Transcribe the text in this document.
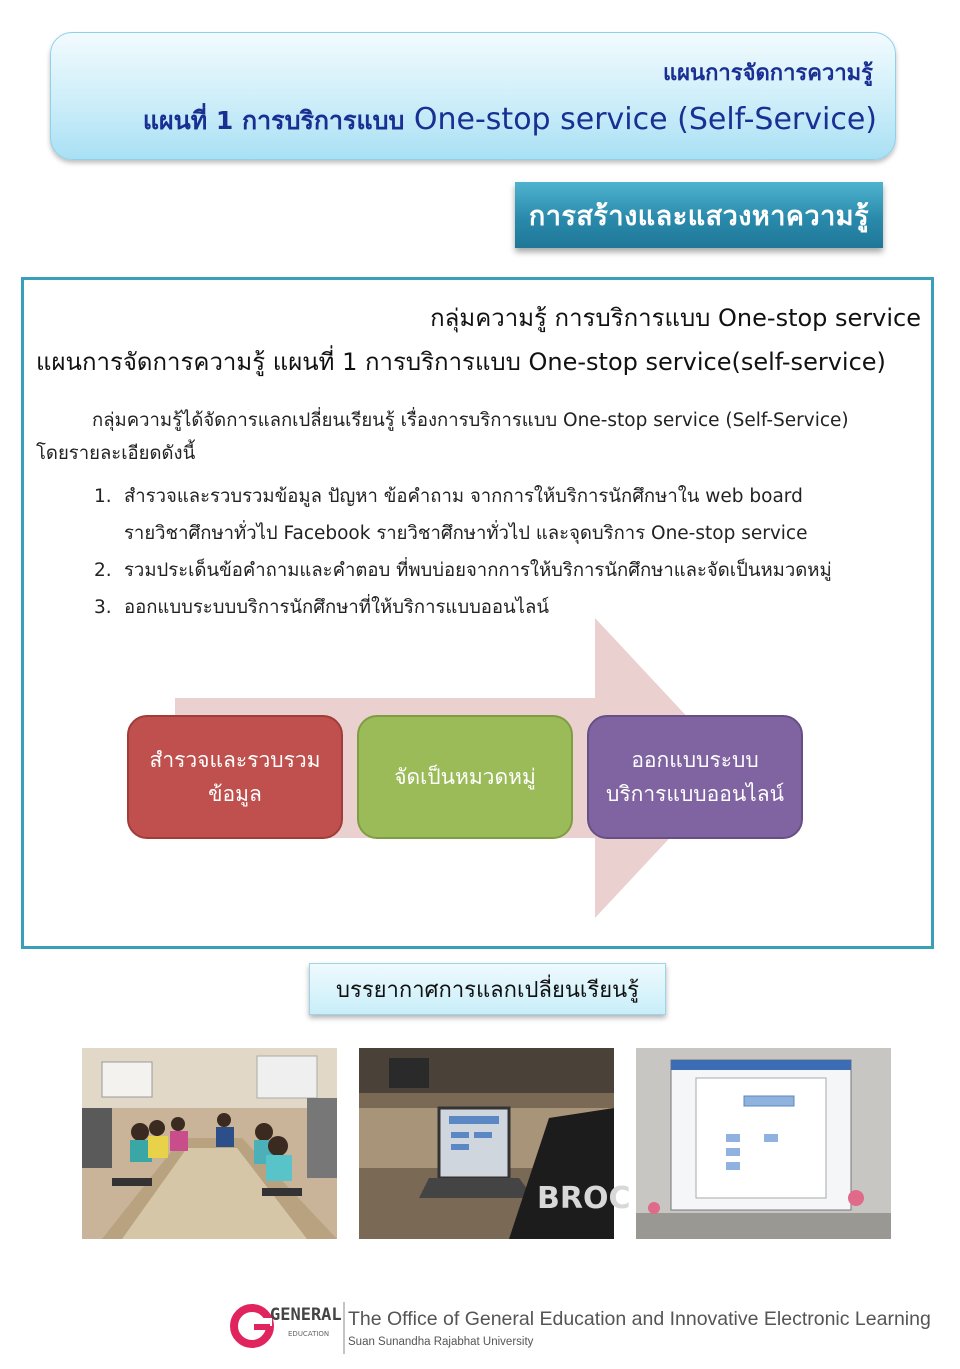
แผนการจัดการความรู้
แผนที่ 1 การบริการแบบ One-stop service (Self-Service)
การสร้างและแสวงหาความรู้
กลุ่มความรู้ การบริการแบบ One-stop service
แผนการจัดการความรู้ แผนที่ 1 การบริการแบบ One-stop service(self-service)
กลุ่มความรู้ได้จัดการแลกเปลี่ยนเรียนรู้ เรื่องการบริการแบบ One-stop service (Self-Service)
โดยรายละเอียดดังนี้
1. สำรวจและรวบรวมข้อมูล ปัญหา ข้อคำถาม จากการให้บริการนักศึกษาใน web board
รายวิชาศึกษาทั่วไป Facebook รายวิชาศึกษาทั่วไป และจุดบริการ One-stop service
2. รวมประเด็นข้อคำถามและคำตอบ ที่พบบ่อยจากการให้บริการนักศึกษาและจัดเป็นหมวดหมู่
3. ออกแบบระบบบริการนักศึกษาที่ให้บริการแบบออนไลน์
สำรวจและรวบรวม
ข้อมูล
จัดเป็นหมวดหมู่
ออกแบบระบบ
บริการแบบออนไลน์
บรรยากาศการแลกเปลี่ยนเรียนรู้
BROC
GENERAL
EDUCATION
The Office of General Education and Innovative Electronic Learning
Suan Sunandha Rajabhat University
